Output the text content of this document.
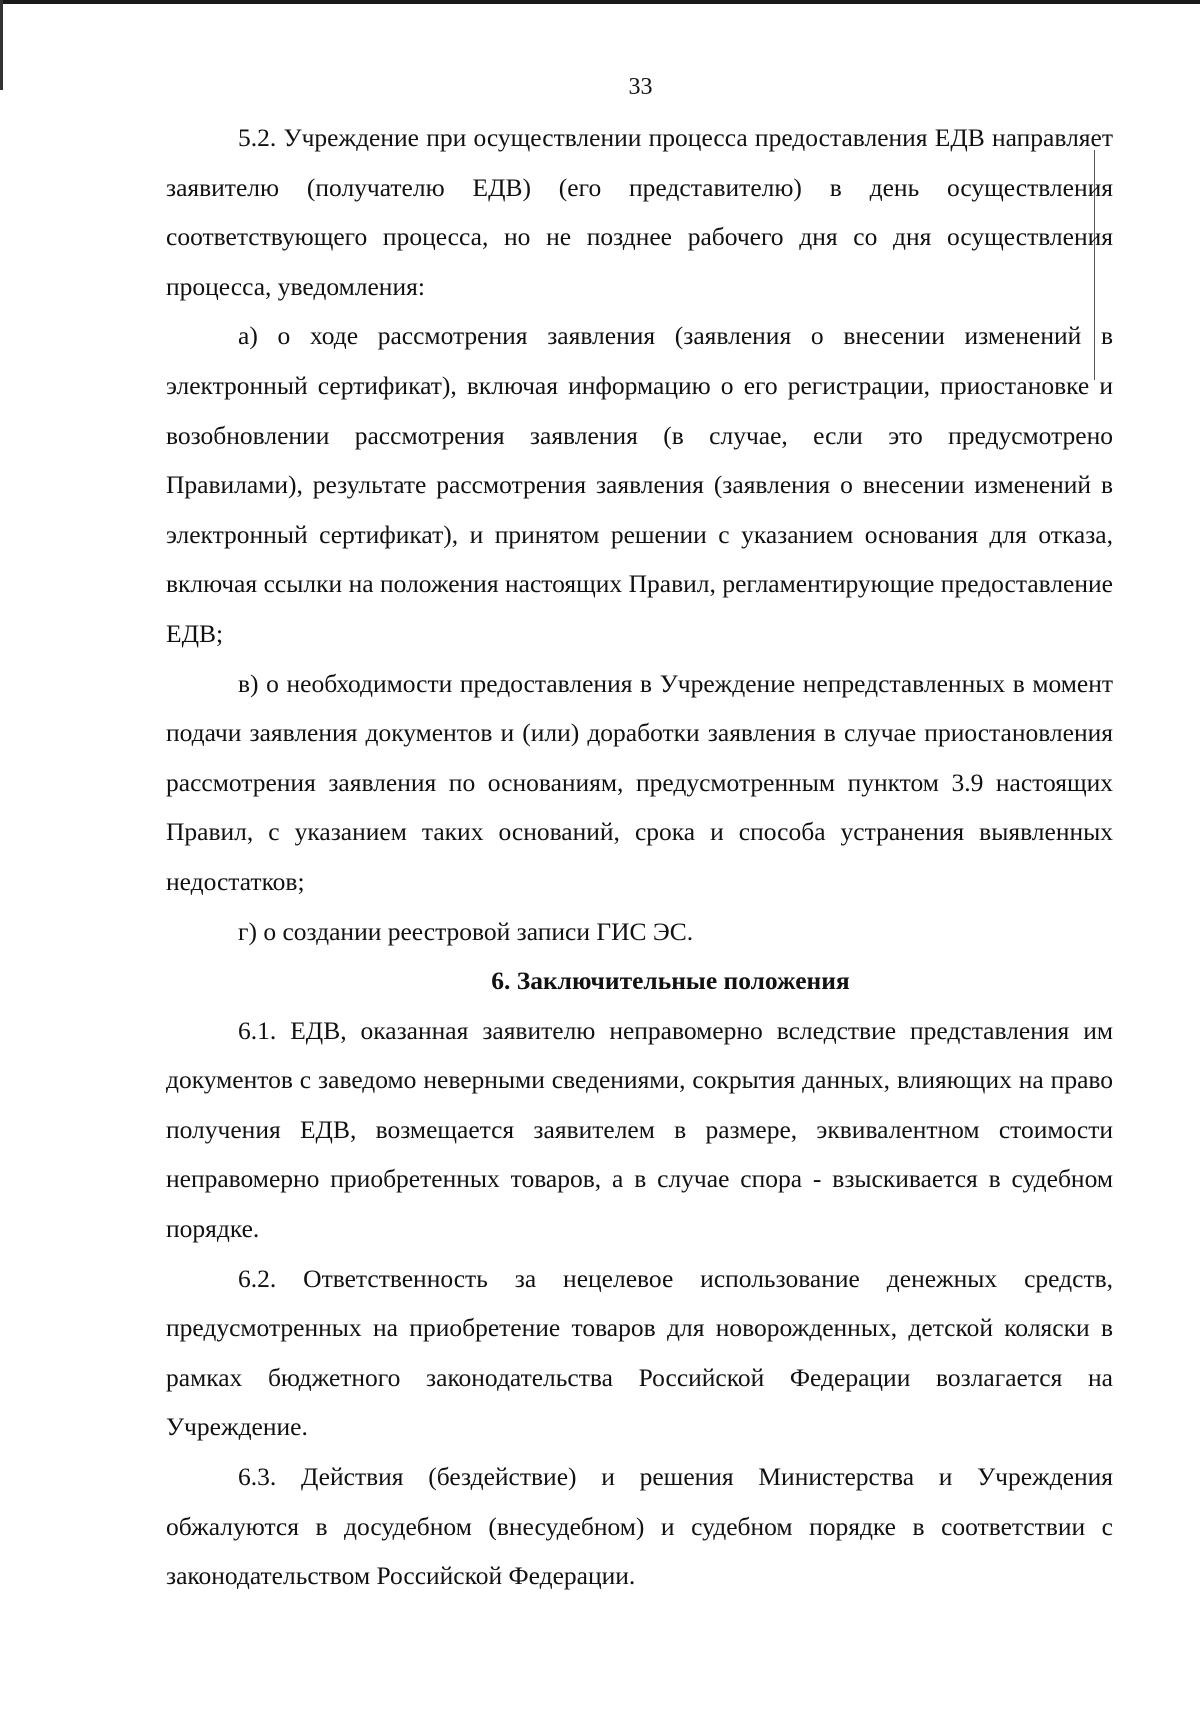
33

5.2. Учреждение при осуществлении процесса предоставления ЕДВ направляет заявителю (получателю ЕДВ) (его представителю) в день осуществления соответствующего процесса, но не позднее рабочего дня со дня осуществления процесса, уведомления:

а) о ходе рассмотрения заявления (заявления о внесении изменений в электронный сертификат), включая информацию о его регистрации, приостановке и возобновлении рассмотрения заявления (в случае, если это предусмотрено Правилами), результате рассмотрения заявления (заявления о внесении изменений в электронный сертификат), и принятом решении с указанием основания для отказа, включая ссылки на положения настоящих Правил, регламентирующие предоставление ЕДВ;

в) о необходимости предоставления в Учреждение непредставленных в момент подачи заявления документов и (или) доработки заявления в случае приостановления рассмотрения заявления по основаниям, предусмотренным пунктом 3.9 настоящих Правил, с указанием таких оснований, срока и способа устранения выявленных недостатков;

г) о создании реестровой записи ГИС ЭС.

6. Заключительные положения

6.1. ЕДВ, оказанная заявителю неправомерно вследствие представления им документов с заведомо неверными сведениями, сокрытия данных, влияющих на право получения ЕДВ, возмещается заявителем в размере, эквивалентном стоимости неправомерно приобретенных товаров, а в случае спора - взыскивается в судебном порядке.

6.2. Ответственность за нецелевое использование денежных средств, предусмотренных на приобретение товаров для новорожденных, детской коляски в рамках бюджетного законодательства Российской Федерации возлагается на Учреждение.

6.3. Действия (бездействие) и решения Министерства и Учреждения обжалуются в досудебном (внесудебном) и судебном порядке в соответствии с законодательством Российской Федерации.
